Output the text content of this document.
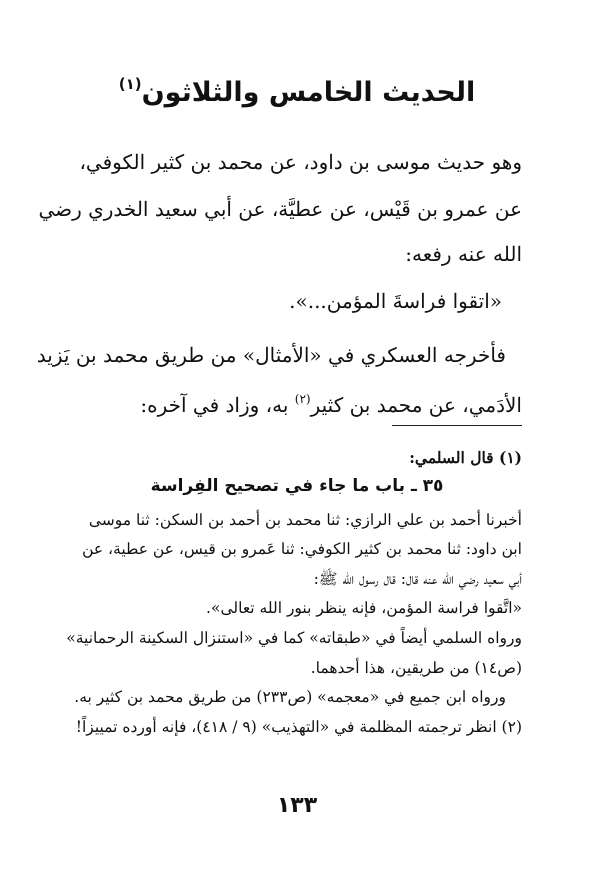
الحديث الخامس والثلاثون$^{(١)}$
وهو حديث موسى بن داود، عن محمد بن كثير الكوفي،
عن عمرو بن قَيْس، عن عطيَّة، عن أبي سعيد الخدري رضي
الله عنه رفعه:
«اتقوا فراسةَ المؤمن...».
فأخرجه العسكري في «الأمثال» من طريق محمد بن يَزيد
الأدَمي، عن محمد بن كثير$^{(٢)}$ به، وزاد في آخره:
(١) قال السلمي:
٣٥ ـ باب ما جاء في تصحيح الفِراسة
أخبرنا أحمد بن علي الرازي: ثنا محمد بن أحمد بن السكن: ثنا موسى
ابن داود: ثنا محمد بن كثير الكوفي: ثنا عَمرو بن قيس، عن عطية، عن
أبي سعيد رضي الله عنه قال: قال رسول الله ﷺ:
«اتَّقوا فراسة المؤمن، فإنه ينظر بنور الله تعالى».
ورواه السلمي أيضاً في «طبقاته» كما في «استنزال السكينة الرحمانية»
(ص١٤) من طريقين، هذا أحدهما.
ورواه ابن جميع في «معجمه» (ص٢٣٣) من طريق محمد بن كثير به.
(٢) انظر ترجمته المظلمة في «التهذيب» (٩ / ٤١٨)، فإنه أورده تمييزاً!
١٣٣
